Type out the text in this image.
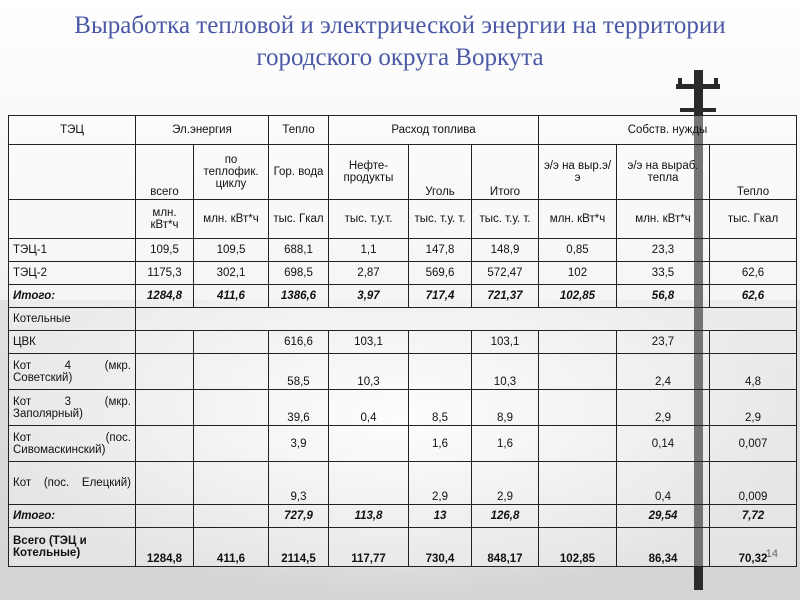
Выработка тепловой и электрической энергии на территории
городского округа Воркута
ТЭЦ	Эл.энергия		Тепло	Расход топлива			Собств. нужды		
	всего	по теплофик. циклу	Гор. вода	Нефте-продукты	Уголь	Итого	э/э на выр.э/э	э/э на выраб. тепла	Тепло
	млн. кВт*ч	млн. кВт*ч	тыс. Гкал	тыс. т.у.т.	тыс. т.у. т.	тыс. т.у. т.	млн. кВт*ч	млн. кВт*ч	тыс. Гкал
ТЭЦ-1	109,5	109,5	688,1	1,1	147,8	148,9	0,85	23,3	
ТЭЦ-2	1175,3	302,1	698,5	2,87	569,6	572,47	102	33,5	62,6
Итого:	1284,8	411,6	1386,6	3,97	717,4	721,37	102,85	56,8	62,6
Котельные									
ЦВК			616,6	103,1		103,1		23,7	
Кот 4 (мкр. Советский)			58,5	10,3		10,3		2,4	4,8
Кот 3 (мкр. Заполярный)			39,6	0,4	8,5	8,9		2,9	2,9
Кот (пос. Сивомаскинский)			3,9		1,6	1,6		0,14	0,007
Кот (пос. Елецкий)			9,3		2,9	2,9		0,4	0,009
Итого:			727,9	113,8	13	126,8		29,54	7,72
Всего (ТЭЦ и Котельные)	1284,8	411,6	2114,5	117,77	730,4	848,17	102,85	86,34	70,32
14
